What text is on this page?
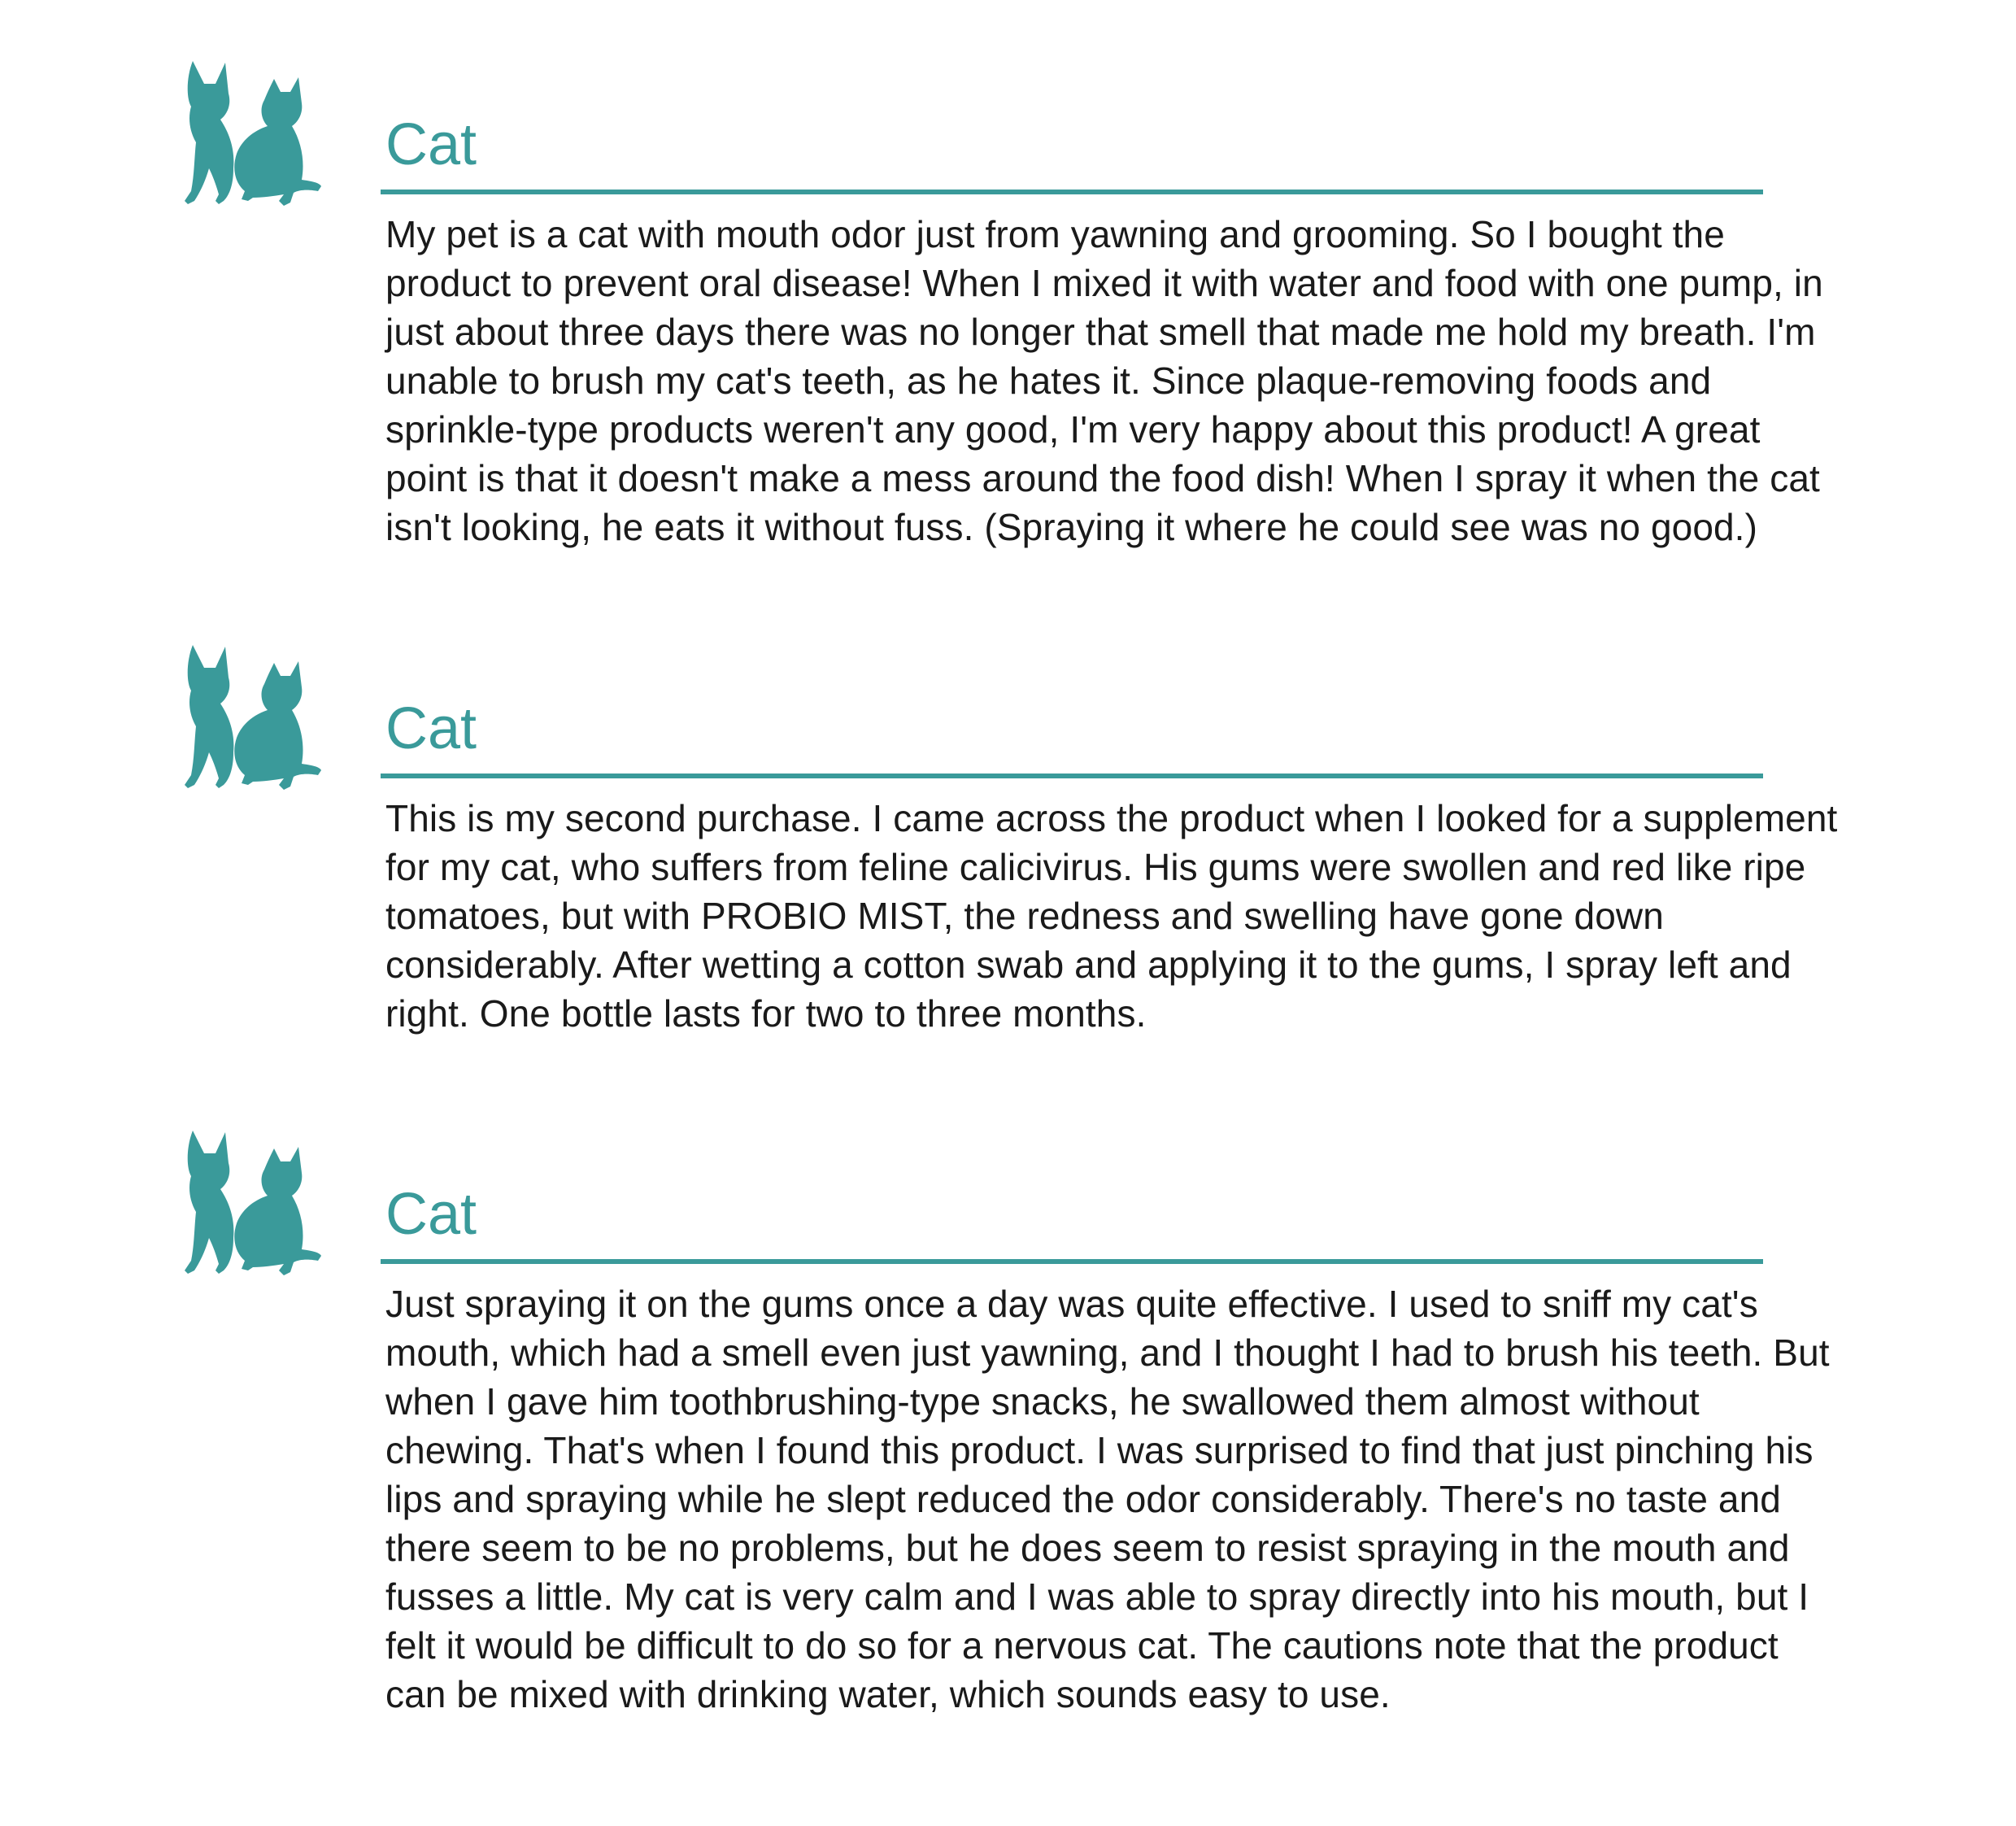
Cat

My pet is a cat with mouth odor just from yawning and grooming. So I bought the product to prevent oral disease! When I mixed it with water and food with one pump, in just about three days there was no longer that smell that made me hold my breath. I'm unable to brush my cat's teeth, as he hates it. Since plaque-removing foods and sprinkle-type products weren't any good, I'm very happy about this product! A great point is that it doesn't make a mess around the food dish! When I spray it when the cat isn't looking, he eats it without fuss. (Spraying it where he could see was no good.)

Cat

This is my second purchase. I came across the product when I looked for a supplement for my cat, who suffers from feline calicivirus. His gums were swollen and red like ripe tomatoes, but with PROBIO MIST, the redness and swelling have gone down considerably. After wetting a cotton swab and applying it to the gums, I spray left and right. One bottle lasts for two to three months.

Cat

Just spraying it on the gums once a day was quite effective. I used to sniff my cat's mouth, which had a smell even just yawning, and I thought I had to brush his teeth. But when I gave him toothbrushing-type snacks, he swallowed them almost without chewing. That's when I found this product. I was surprised to find that just pinching his lips and spraying while he slept reduced the odor considerably. There's no taste and there seem to be no problems, but he does seem to resist spraying in the mouth and fusses a little. My cat is very calm and I was able to spray directly into his mouth, but I felt it would be difficult to do so for a nervous cat. The cautions note that the product can be mixed with drinking water, which sounds easy to use.
